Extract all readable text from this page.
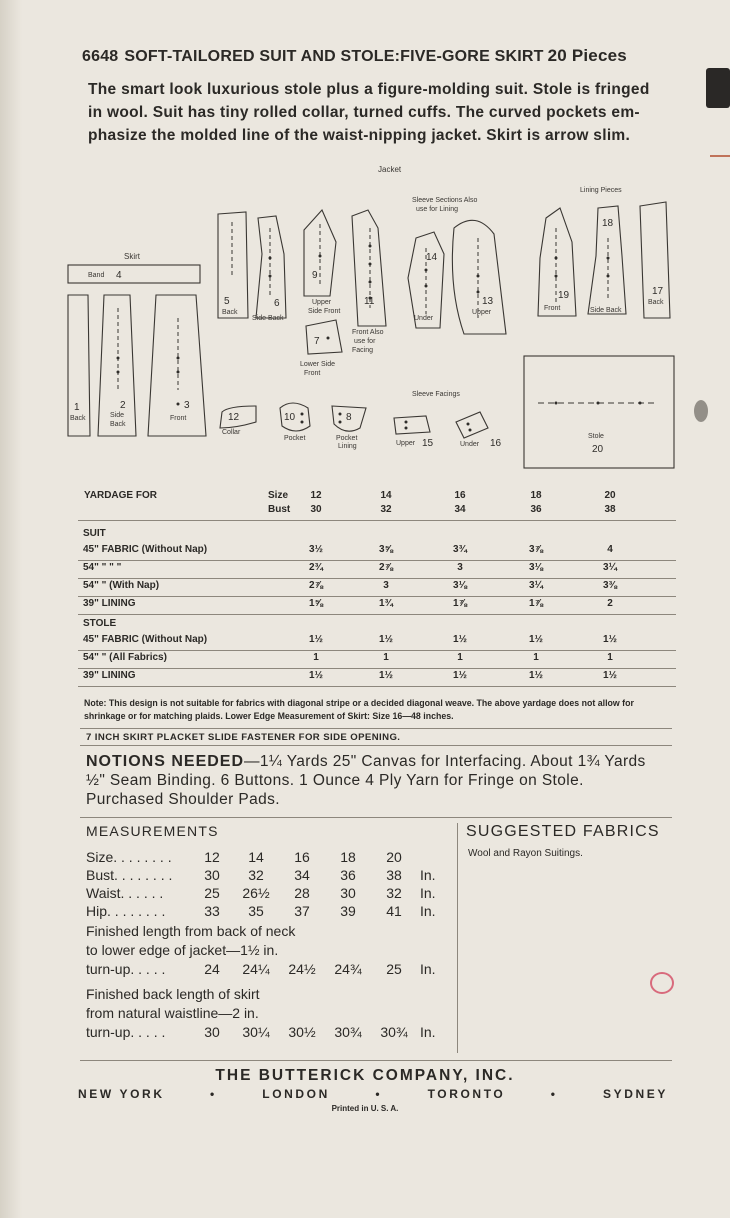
6648 SOFT-TAILORED SUIT AND STOLE:FIVE-GORE SKIRT 20 Pieces
The smart look luxurious stole plus a figure-molding suit. Stole is fringed
in wool. Suit has tiny rolled collar, turned cuffs. The curved pockets em-
phasize the molded line of the waist-nipping jacket. Skirt is arrow slim.
Jacket
Skirt
Sleeve Sections Also
use for Lining
Lining Pieces
Sleeve Facings
Band 4
1
Back
2
Side
Back
3
Front
5
Back
6
Side Back
9
Upper
Side Front
7
Lower Side
Front
11
Front Also
use for
Facing
14
Under
13
Upper
19
Front
18
Side Back
17
Back
12
Collar
10
Pocket
8
Pocket
Lining	Upper 15	Under 16
Stole
20
YARDAGE FOR	Size	12	14	16	18	20
Bust	30	32	34	36	38
SUIT
45" FABRIC (Without Nap)	3½	3⅝	3¾	3⅞	4
54" " " "	2¾	2⅞	3	3⅛	3¼
54" " (With Nap)	2⅞	3	3⅛	3¼	3⅜
39" LINING	1⅝	1¾	1⅞	1⅞	2
STOLE
45" FABRIC (Without Nap)	1½	1½	1½	1½	1½
54" " (All Fabrics)	1	1	1	1	1
39" LINING	1½	1½	1½	1½	1½
Note: This design is not suitable for fabrics with diagonal stripe or a decided diagonal weave. The above yardage does not allow for shrinkage or for matching plaids. Lower Edge Measurement of Skirt: Size 16—48 inches.
7 INCH SKIRT PLACKET SLIDE FASTENER FOR SIDE OPENING.
NOTIONS NEEDED—1¼ Yards 25" Canvas for Interfacing. About 1¾ Yards ½" Seam Binding. 6 Buttons. 1 Ounce 4 Ply Yarn for Fringe on Stole. Purchased Shoulder Pads.
MEASUREMENTS
Size. . . . . . . .	12	14	16	18	20
Bust. . . . . . . .	30	32	34	36	38	In.
Waist. . . . . .	25	26½	28	30	32	In.
Hip. . . . . . . .	33	35	37	39	41	In.
Finished length from back of neck
to lower edge of jacket—1½ in.
turn-up. . . . .	24	24¼	24½	24¾	25	In.
Finished back length of skirt
from natural waistline—2 in.
turn-up. . . . .	30	30¼	30½	30¾	30¾ In.
SUGGESTED FABRICS
Wool and Rayon Suitings.
THE BUTTERICK COMPANY, INC.
NEW YORK	•	LONDON	•	TORONTO	•	SYDNEY
Printed in U. S. A.
